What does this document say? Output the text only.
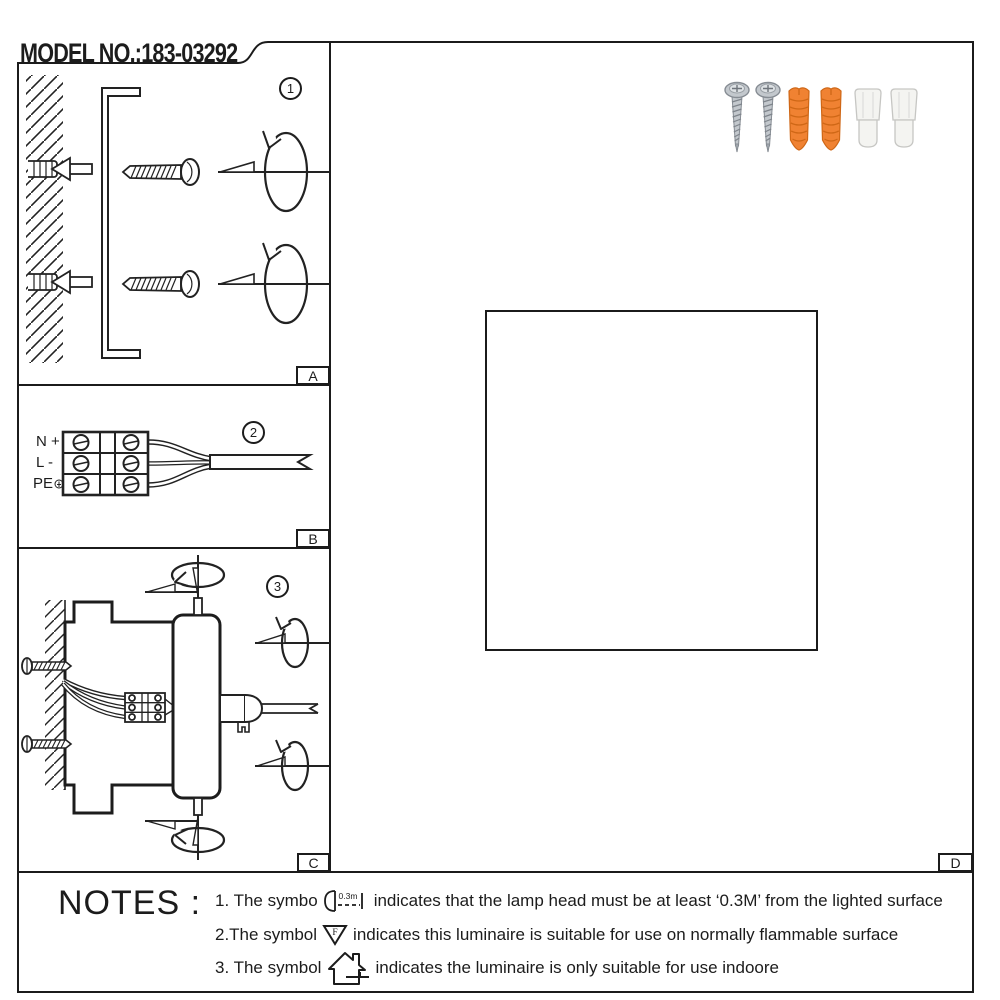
MODEL NO.:183-03292
1
A
N +
L -
PE
2
B
3
C	D
NOTES : 1. The symbo 0.3m indicates that the lamp head must be at least ‘0.3M’ from the lighted surface
2.The symbol F indicates this luminaire is suitable for use on normally flammable surface
3. The symbol	indicates the luminaire is only suitable for use indoore
